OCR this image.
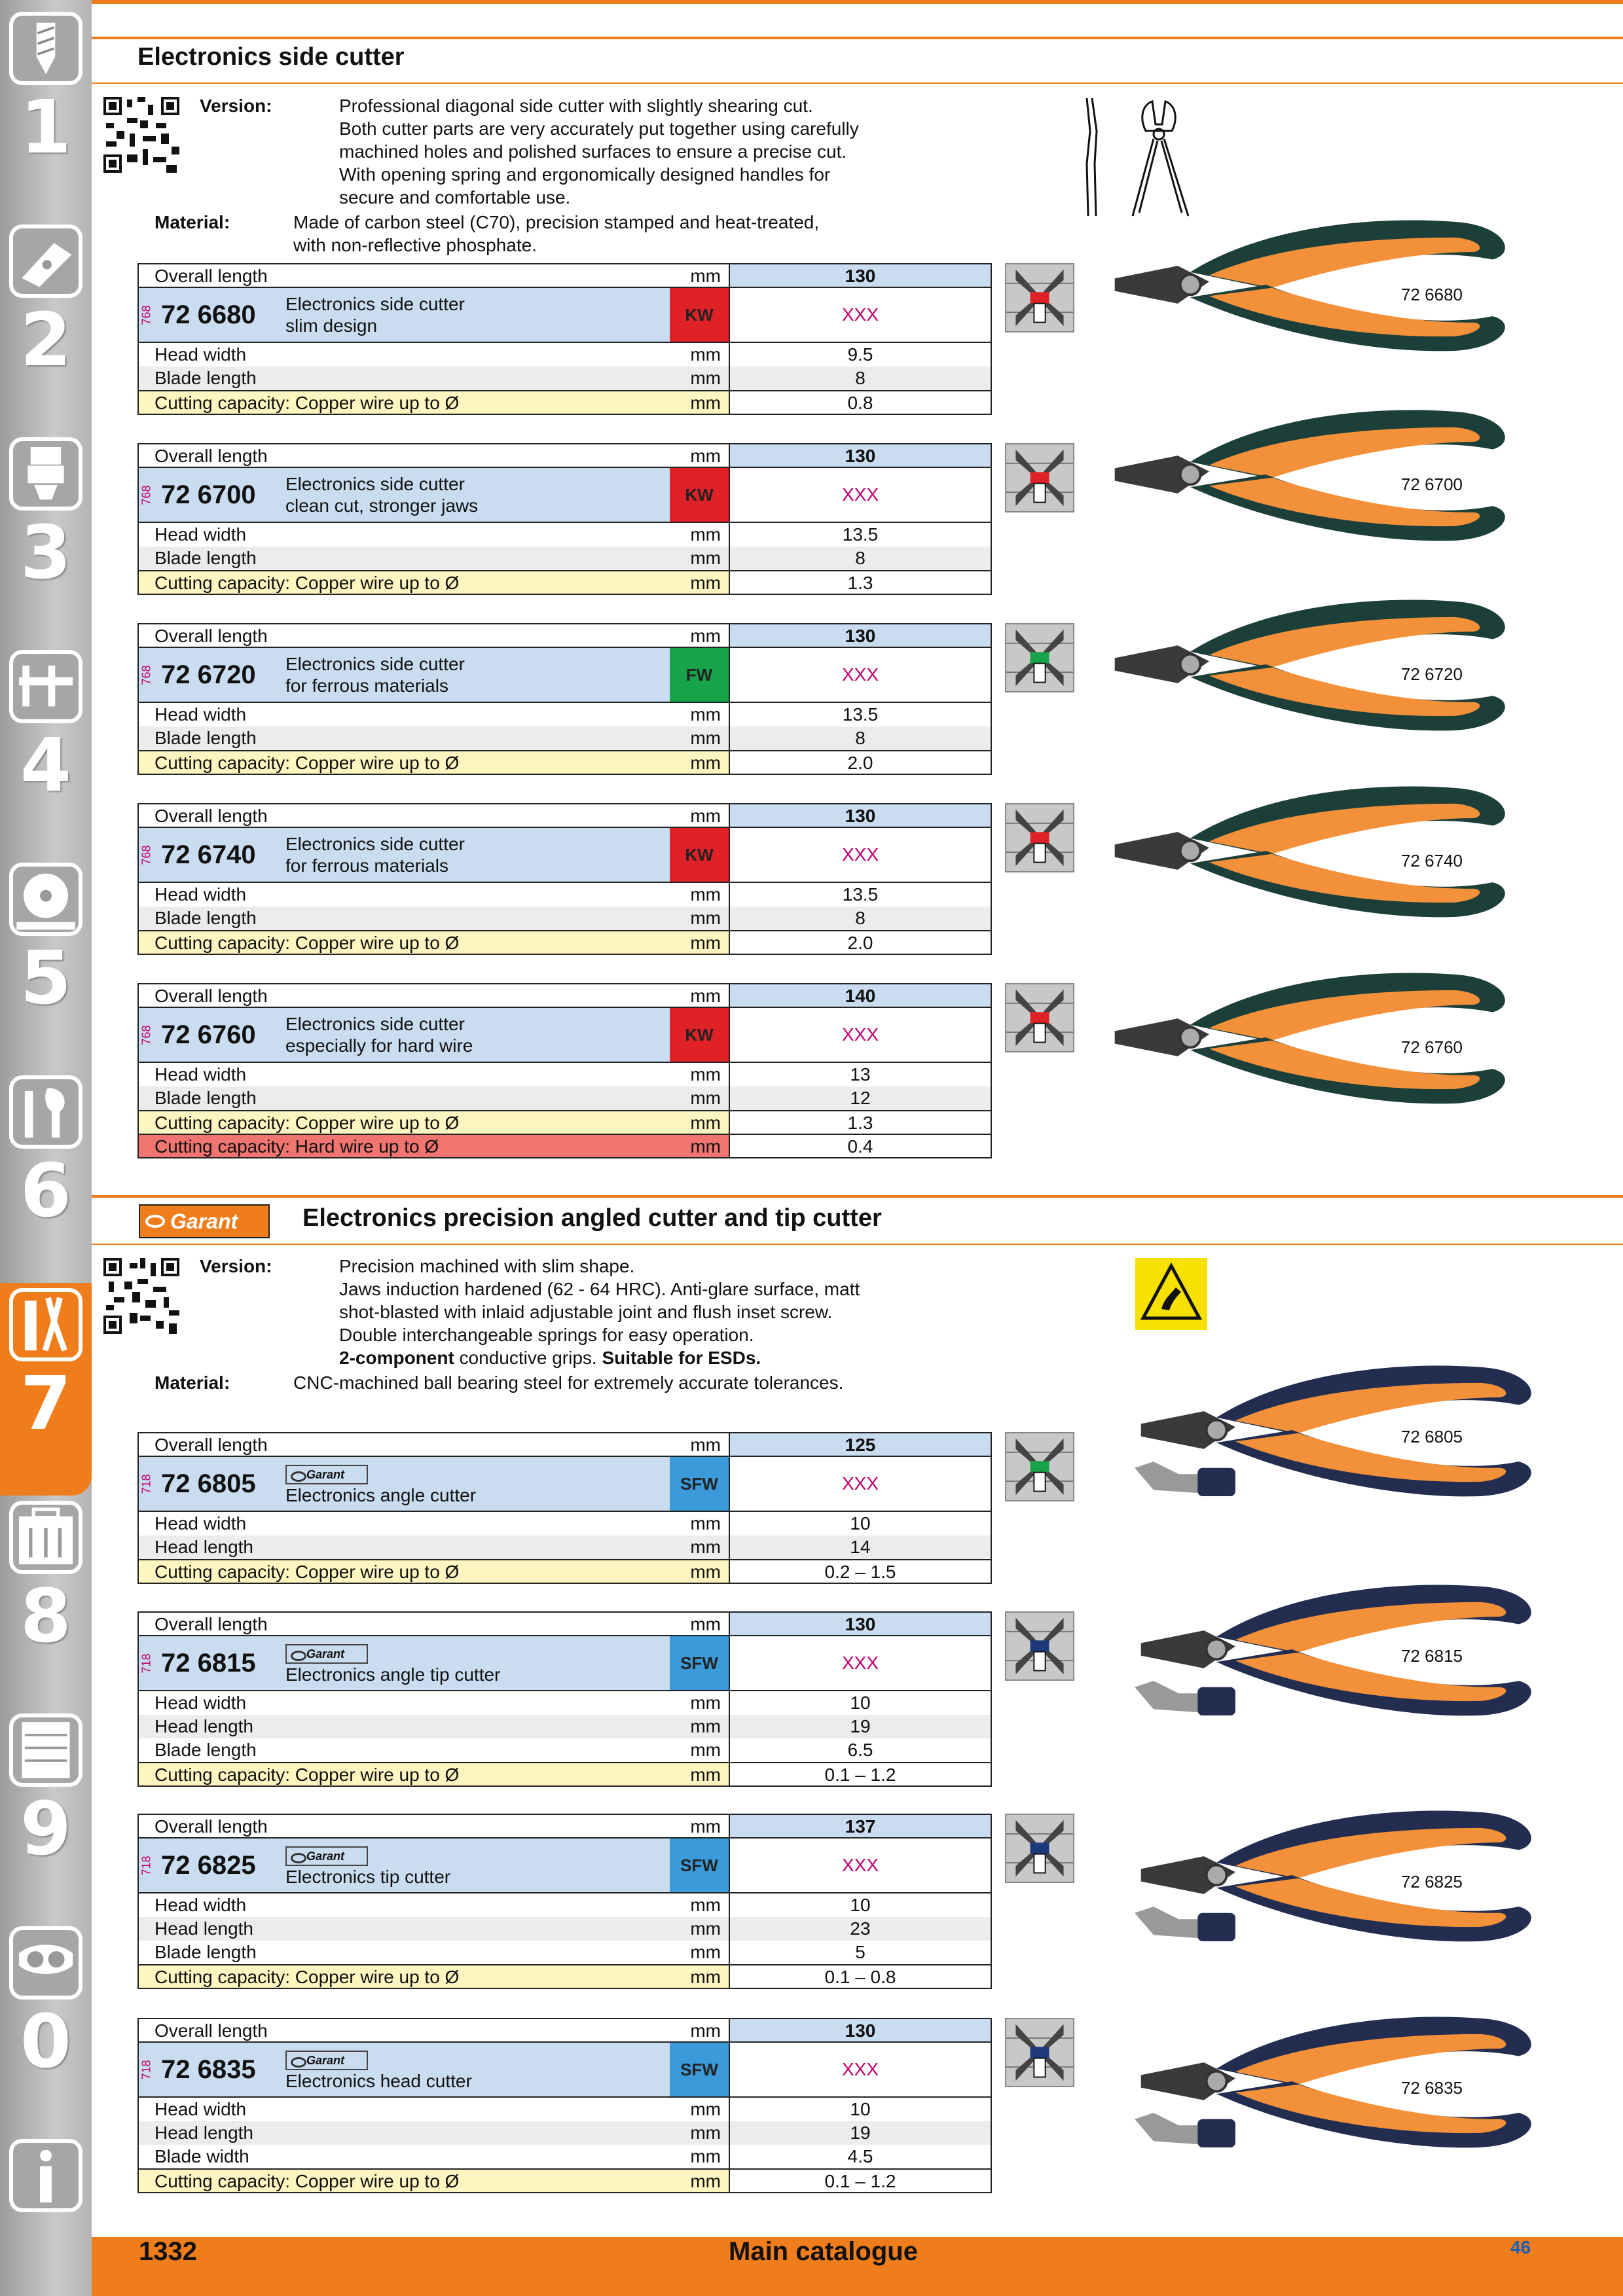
1
2
3
4
5
6
7
8
9
0
Electronics side cutter
Version:	Professional diagonal side cutter with slightly shearing cut.
Both cutter parts are very accurately put together using carefully
machined holes and polished surfaces to ensure a precise cut.
With opening spring and ergonomically designed handles for
secure and comfortable use.
Material:	Made of carbon steel (C70), precision stamped and heat-treated,
with non-reflective phosphate.
Garant	Electronics precision angled cutter and tip cutter
Version:	Precision machined with slim shape.
Jaws induction hardened (62 - 64 HRC). Anti-glare surface, matt
shot-blasted with inlaid adjustable joint and flush inset screw.
Double interchangeable springs for easy operation.
2-component conductive grips. Suitable for ESDs.
Material:	CNC-machined ball bearing steel for extremely accurate tolerances.
1332	Main catalogue	46
Overall length	mm	130
768 72 6680	Electronics side cutter
slim design
KW	XXX
Head width	mm	9.5
Blade length	mm	8
Cutting capacity: Copper wire up to Ø	mm	0.8
72 6680
Overall length	mm	130
768 72 6700	Electronics side cutter
clean cut, stronger jaws
KW	XXX
Head width	mm	13.5
Blade length	mm	8
Cutting capacity: Copper wire up to Ø	mm	1.3
72 6700
Overall length	mm	130
768 72 6720	Electronics side cutter
for ferrous materials
FW	XXX
Head width	mm	13.5
Blade length	mm	8
Cutting capacity: Copper wire up to Ø	mm	2.0
72 6720
Overall length	mm	130
768 72 6740	Electronics side cutter
for ferrous materials
KW	XXX
Head width	mm	13.5
Blade length	mm	8
Cutting capacity: Copper wire up to Ø	mm	2.0
72 6740
Overall length	mm	140
768 72 6760	Electronics side cutter
especially for hard wire
KW	XXX
Head width	mm	13
Blade length	mm	12
Cutting capacity: Copper wire up to Ø	mm	1.3
Cutting capacity: Hard wire up to Ø	mm	0.4
72 6760
Overall length	mm	125
718 72 6805	Garant
Electronics angle cutter
SFW	XXX
Head width	mm	10
Head length	mm	14
Cutting capacity: Copper wire up to Ø	mm	0.2 – 1.5
72 6805
Overall length	mm	130
718 72 6815	Garant
Electronics angle tip cutter
SFW	XXX
Head width	mm	10
Head length	mm	19
Blade length	mm	6.5
Cutting capacity: Copper wire up to Ø	mm	0.1 – 1.2
72 6815
Overall length	mm	137
718 72 6825	Garant
Electronics tip cutter
SFW	XXX
Head width	mm	10
Head length	mm	23
Blade length	mm	5
Cutting capacity: Copper wire up to Ø	mm	0.1 – 0.8
72 6825
Overall length	mm	130
718 72 6835	Garant
Electronics head cutter
SFW	XXX
Head width	mm	10
Head length	mm	19
Blade width	mm	4.5
Cutting capacity: Copper wire up to Ø	mm	0.1 – 1.2
72 6835
